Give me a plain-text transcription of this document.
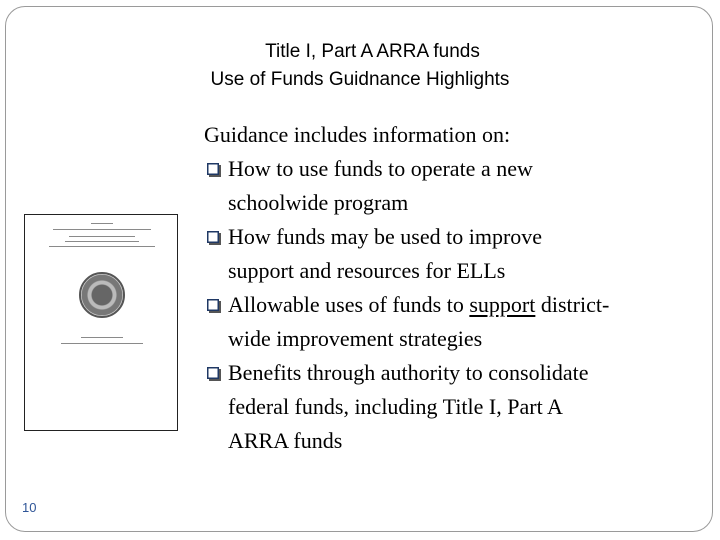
Title I, Part A ARRA funds
Use of Funds Guidnance Highlights
Guidance includes information on:
How to use funds to operate a new
schoolwide program
How funds may be used to improve
support and resources for ELLs
Allowable uses of funds to support district-
wide improvement strategies
Benefits through authority to consolidate
federal funds, including Title I, Part A
ARRA funds
10
